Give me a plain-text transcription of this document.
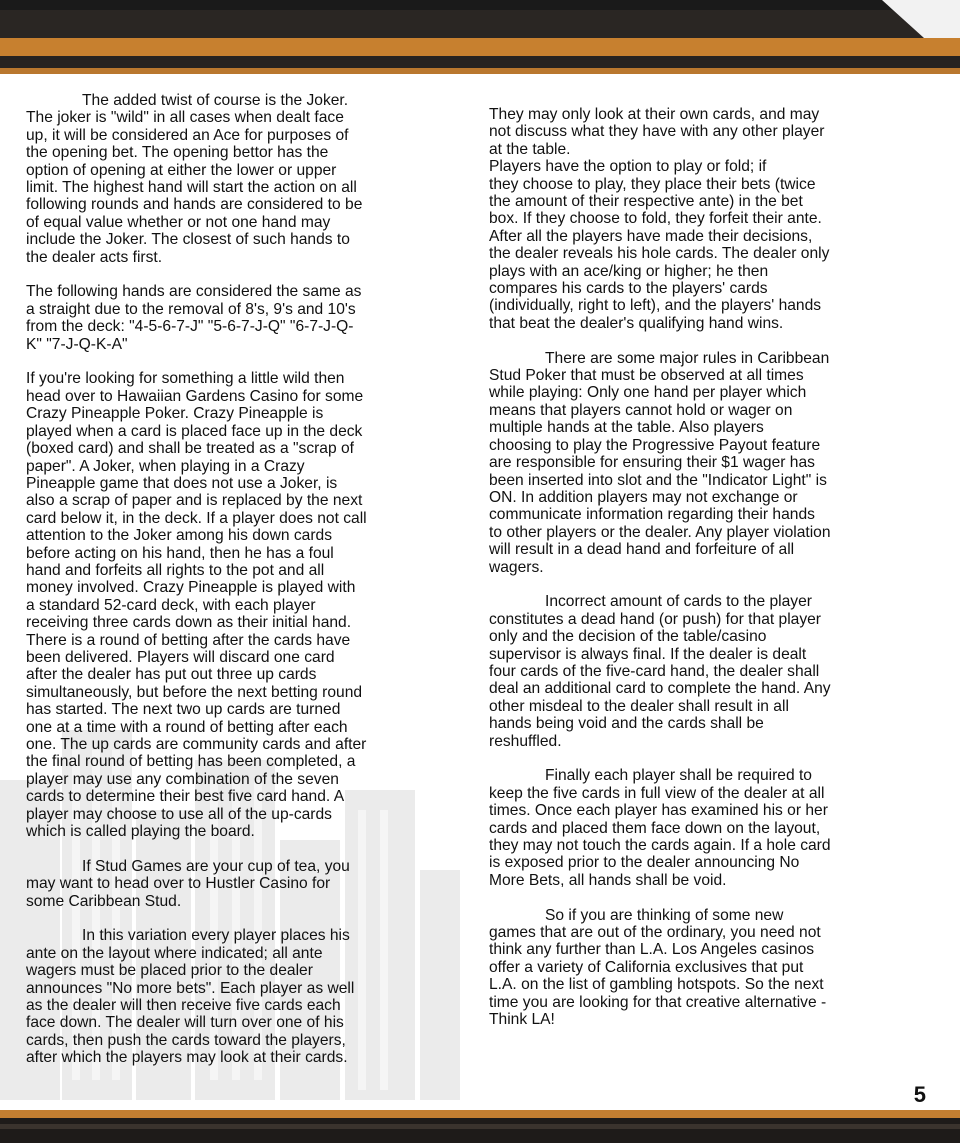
The added twist of course is the Joker.
The joker is "wild" in all cases when dealt face
up, it will be considered an Ace for purposes of
the opening bet. The opening bettor has the
option of opening at either the lower or upper
limit. The highest hand will start the action on all
following rounds and hands are considered to be
of equal value whether or not one hand may
include the Joker. The closest of such hands to
the dealer acts first.

The following hands are considered the same as
a straight due to the removal of 8's, 9's and 10's
from the deck: "4-5-6-7-J" "5-6-7-J-Q" "6-7-J-Q-
K" "7-J-Q-K-A"

If you're looking for something a little wild then
head over to Hawaiian Gardens Casino for some
Crazy Pineapple Poker. Crazy Pineapple is
played when a card is placed face up in the deck
(boxed card) and shall be treated as a "scrap of
paper". A Joker, when playing in a Crazy
Pineapple game that does not use a Joker, is
also a scrap of paper and is replaced by the next
card below it, in the deck. If a player does not call
attention to the Joker among his down cards
before acting on his hand, then he has a foul
hand and forfeits all rights to the pot and all
money involved. Crazy Pineapple is played with
a standard 52-card deck, with each player
receiving three cards down as their initial hand.
There is a round of betting after the cards have
been delivered. Players will discard one card
after the dealer has put out three up cards
simultaneously, but before the next betting round
has started. The next two up cards are turned
one at a time with a round of betting after each
one. The up cards are community cards and after
the final round of betting has been completed, a
player may use any combination of the seven
cards to determine their best five card hand. A
player may choose to use all of the up-cards
which is called playing the board.

If Stud Games are your cup of tea, you
may want to head over to Hustler Casino for
some Caribbean Stud.

In this variation every player places his
ante on the layout where indicated; all ante
wagers must be placed prior to the dealer
announces "No more bets". Each player as well
as the dealer will then receive five cards each
face down. The dealer will turn over one of his
cards, then push the cards toward the players,
after which the players may look at their cards.

They may only look at their own cards, and may
not discuss what they have with any other player
at the table.
Players have the option to play or fold; if
they choose to play, they place their bets (twice
the amount of their respective ante) in the bet
box. If they choose to fold, they forfeit their ante.
After all the players have made their decisions,
the dealer reveals his hole cards. The dealer only
plays with an ace/king or higher; he then
compares his cards to the players' cards
(individually, right to left), and the players' hands
that beat the dealer's qualifying hand wins.

There are some major rules in Caribbean
Stud Poker that must be observed at all times
while playing: Only one hand per player which
means that players cannot hold or wager on
multiple hands at the table. Also players
choosing to play the Progressive Payout feature
are responsible for ensuring their $1 wager has
been inserted into slot and the "Indicator Light" is
ON. In addition players may not exchange or
communicate information regarding their hands
to other players or the dealer. Any player violation
will result in a dead hand and forfeiture of all
wagers.

Incorrect amount of cards to the player
constitutes a dead hand (or push) for that player
only and the decision of the table/casino
supervisor is always final. If the dealer is dealt
four cards of the five-card hand, the dealer shall
deal an additional card to complete the hand. Any
other misdeal to the dealer shall result in all
hands being void and the cards shall be
reshuffled.

Finally each player shall be required to
keep the five cards in full view of the dealer at all
times. Once each player has examined his or her
cards and placed them face down on the layout,
they may not touch the cards again. If a hole card
is exposed prior to the dealer announcing No
More Bets, all hands shall be void.

So if you are thinking of some new
games that are out of the ordinary, you need not
think any further than L.A. Los Angeles casinos
offer a variety of California exclusives that put
L.A. on the list of gambling hotspots. So the next
time you are looking for that creative alternative -
Think LA!

5
